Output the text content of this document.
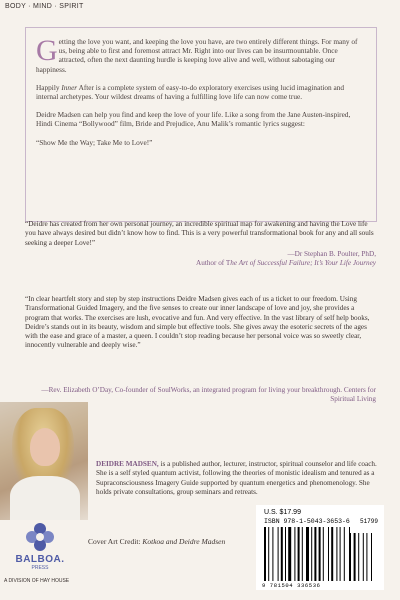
BODY · MIND · SPIRIT

Getting the love you want, and keeping the love you have, are two entirely different things. For many of us, being able to first and foremost attract Mr. Right into our lives can be insurmountable. Once attracted, often the next daunting hurdle is keeping love alive and well, without sabotaging our happiness.

Happily Inner After is a complete system of easy-to-do exploratory exercises using lucid imagination and internal archetypes. Your wildest dreams of having a fulfilling love life can now come true.

Deidre Madsen can help you find and keep the love of your life. Like a song from the Jane Austen-inspired, Hindi Cinema “Bollywood” film, Bride and Prejudice, Anu Malik’s romantic lyrics suggest:

“Show Me the Way; Take Me to Love!”

“Deidre has created from her own personal journey, an incredible spiritual map for awakening and having the Love life you have always desired but didn’t know how to find. This is a very powerful transformational book for any and all souls seeking a deeper Love!”
—Dr Stephan B. Poulter, PhD,
Author of The Art of Successful Failure; It’s Your Life Journey
“In clear heartfelt story and step by step instructions Deidre Madsen gives each of us a ticket to our freedom. Using Transformational Guided Imagery, and the five senses to create our inner landscape of love and joy, she provides a program that works. The exercises are lush, evocative and fun. And very effective. In the vast library of self help books, Deidre’s stands out in its beauty, wisdom and simple but effective tools. She gives away the esoteric secrets of the ages with the ease and grace of a master, a queen. I couldn’t stop reading because her personal voice was so sweetly clear, innocently vulnerable and deeply wise.”
—Rev. Elizabeth O’Day, Co-founder of SoulWorks, an integrated program for living your breakthrough. Centers for Spiritual Living
DEIDRE MADSEN, is a published author, lecturer, instructor, spiritual counselor and life coach. She is a self styled quantum activist, following the theories of monistic idealism and tenured as a Supraconsciousness Imagery Guide supported by quantum energetics and phenomenology. She holds private consultations, group seminars and retreats.
BALBOA.
PRESS
A DIVISION OF HAY HOUSE
Cover Art Credit: Kotkoa and Deidre Madsen
U.S. $17.99
ISBN 978-1-5043-3653-6
9 781504 336536
51799
